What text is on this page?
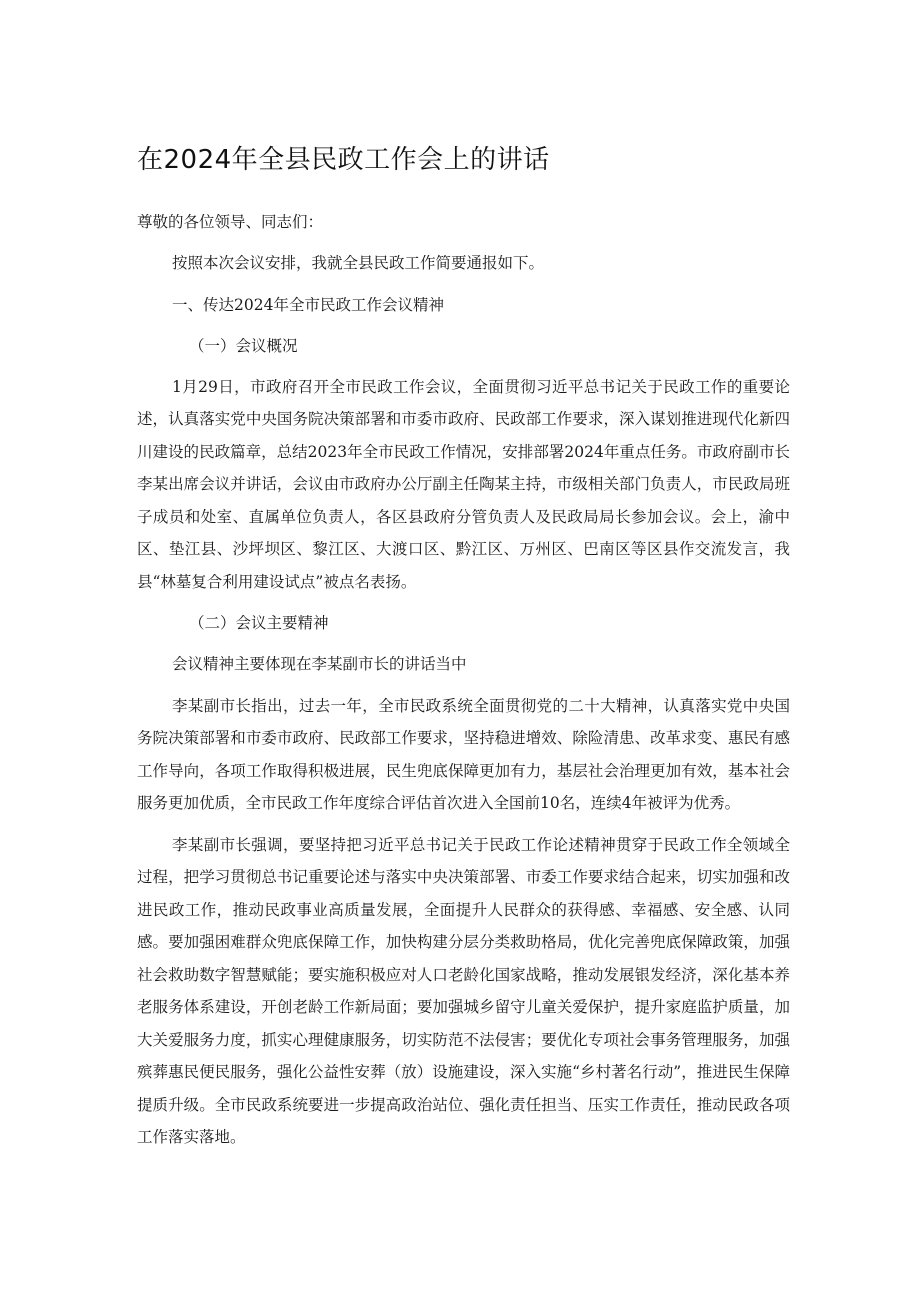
在2024年全县民政工作会上的讲话

尊敬的各位领导、同志们：

按照本次会议安排，我就全县民政工作简要通报如下。

一、传达2024年全市民政工作会议精神

（一）会议概况

1月29日，市政府召开全市民政工作会议，全面贯彻习近平总书记关于民政工作的重要论述，认真落实党中央国务院决策部署和市委市政府、民政部工作要求，深入谋划推进现代化新四川建设的民政篇章，总结2023年全市民政工作情况，安排部署2024年重点任务。市政府副市长李某出席会议并讲话，会议由市政府办公厅副主任陶某主持，市级相关部门负责人，市民政局班子成员和处室、直属单位负责人，各区县政府分管负责人及民政局局长参加会议。会上，渝中区、垫江县、沙坪坝区、黎江区、大渡口区、黔江区、万州区、巴南区等区县作交流发言，我县“林墓复合利用建设试点”被点名表扬。

（二）会议主要精神

会议精神主要体现在李某副市长的讲话当中

李某副市长指出，过去一年，全市民政系统全面贯彻党的二十大精神，认真落实党中央国务院决策部署和市委市政府、民政部工作要求，坚持稳进增效、除险清患、改革求变、惠民有感工作导向，各项工作取得积极进展，民生兜底保障更加有力，基层社会治理更加有效，基本社会服务更加优质，全市民政工作年度综合评估首次进入全国前10名，连续4年被评为优秀。

李某副市长强调，要坚持把习近平总书记关于民政工作论述精神贯穿于民政工作全领域全过程，把学习贯彻总书记重要论述与落实中央决策部署、市委工作要求结合起来，切实加强和改进民政工作，推动民政事业高质量发展，全面提升人民群众的获得感、幸福感、安全感、认同感。要加强困难群众兜底保障工作，加快构建分层分类救助格局，优化完善兜底保障政策，加强社会救助数字智慧赋能；要实施积极应对人口老龄化国家战略，推动发展银发经济，深化基本养老服务体系建设，开创老龄工作新局面；要加强城乡留守儿童关爱保护，提升家庭监护质量，加大关爱服务力度，抓实心理健康服务，切实防范不法侵害；要优化专项社会事务管理服务，加强殡葬惠民便民服务，强化公益性安葬（放）设施建设，深入实施“乡村著名行动”，推进民生保障提质升级。全市民政系统要进一步提高政治站位、强化责任担当、压实工作责任，推动民政各项工作落实落地。
